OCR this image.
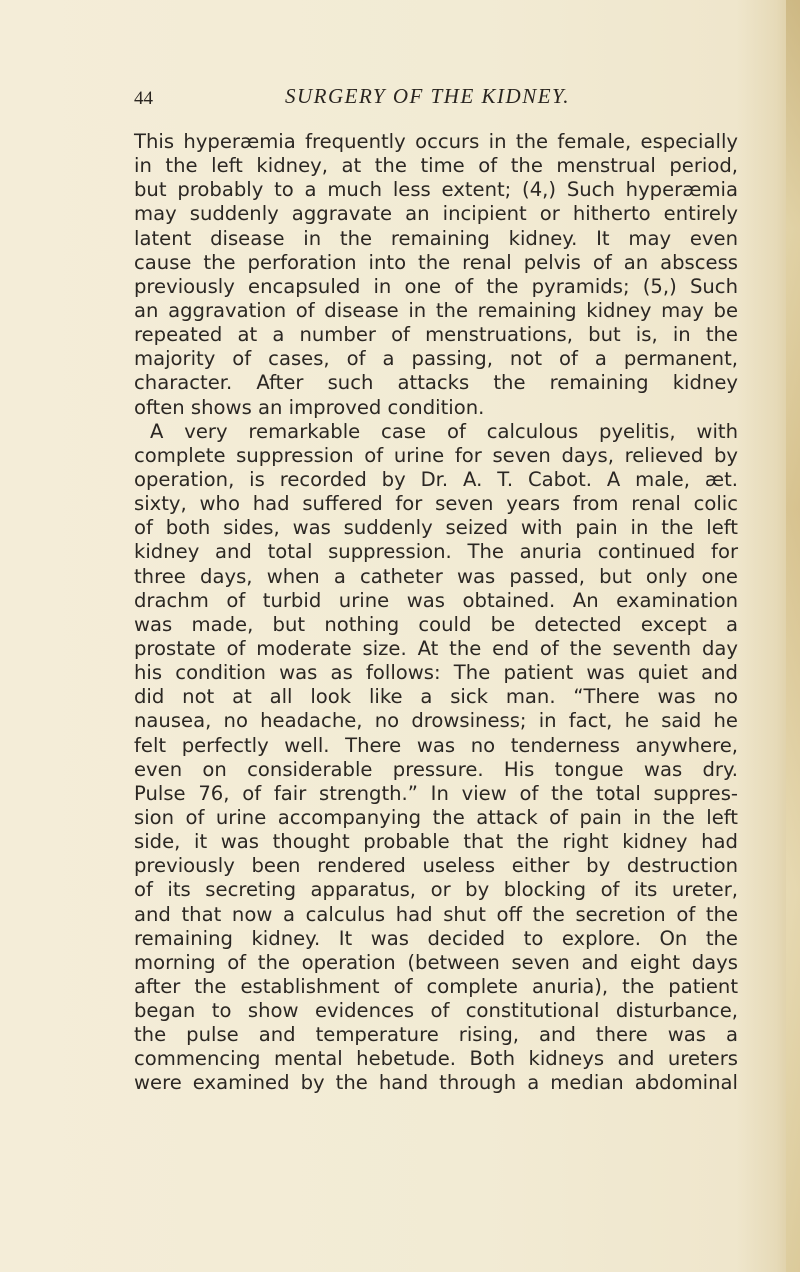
44	SURGERY OF THE KIDNEY.
This hyperæmia frequently occurs in the female, especially
in the left kidney, at the time of the menstrual period,
but probably to a much less extent; (4,) Such hyperæmia
may suddenly aggravate an incipient or hitherto entirely
latent disease in the remaining kidney. It may even
cause the perforation into the renal pelvis of an abscess
previously encapsuled in one of the pyramids; (5,) Such
an aggravation of disease in the remaining kidney may be
repeated at a number of menstruations, but is, in the
majority of cases, of a passing, not of a permanent,
character. After such attacks the remaining kidney
often shows an improved condition.
A very remarkable case of calculous pyelitis, with
complete suppression of urine for seven days, relieved by
operation, is recorded by Dr. A. T. Cabot. A male, æt.
sixty, who had suffered for seven years from renal colic
of both sides, was suddenly seized with pain in the left
kidney and total suppression. The anuria continued for
three days, when a catheter was passed, but only one
drachm of turbid urine was obtained. An examination
was made, but nothing could be detected except a
prostate of moderate size. At the end of the seventh day
his condition was as follows: The patient was quiet and
did not at all look like a sick man. “There was no
nausea, no headache, no drowsiness; in fact, he said he
felt perfectly well. There was no tenderness anywhere,
even on considerable pressure. His tongue was dry.
Pulse 76, of fair strength.” In view of the total suppres-
sion of urine accompanying the attack of pain in the left
side, it was thought probable that the right kidney had
previously been rendered useless either by destruction
of its secreting apparatus, or by blocking of its ureter,
and that now a calculus had shut off the secretion of the
remaining kidney. It was decided to explore. On the
morning of the operation (between seven and eight days
after the establishment of complete anuria), the patient
began to show evidences of constitutional disturbance,
the pulse and temperature rising, and there was a
commencing mental hebetude. Both kidneys and ureters
were examined by the hand through a median abdominal
